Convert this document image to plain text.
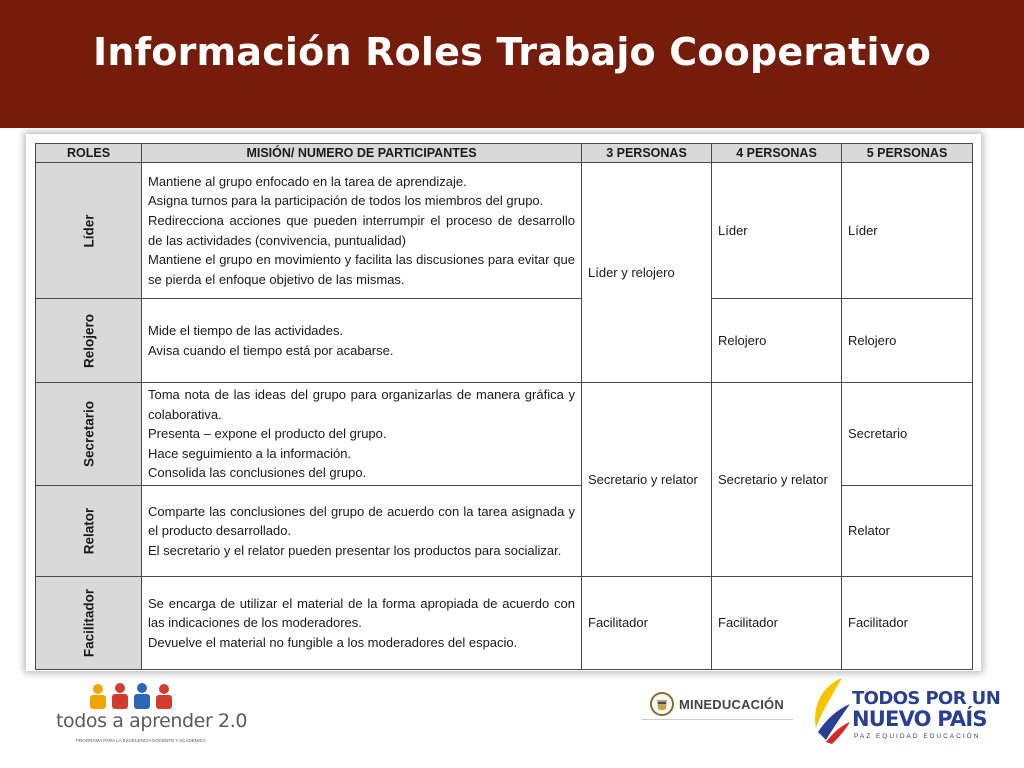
Información Roles Trabajo Cooperativo
ROLES	MISIÓN/ NUMERO DE PARTICIPANTES	3 PERSONAS	4 PERSONAS	5 PERSONAS

Líder	Mantiene al grupo enfocado en la tarea de aprendizaje.
Asigna turnos para la participación de todos los miembros del grupo.
Redirecciona acciones que pueden interrumpir el proceso de desarrollo de las actividades (convivencia, puntualidad)
Mantiene el grupo en movimiento y facilita las discusiones para evitar que se pierda el enfoque objetivo de las mismas.	Líder y relojero	Líder	Líder

Relojero	Mide el tiempo de las actividades.
Avisa cuando el tiempo está por acabarse.		Relojero	Relojero

Secretario	Toma nota de las ideas del grupo para organizarlas de manera gráfica y colaborativa.
Presenta – expone el producto del grupo.
Hace seguimiento a la información.
Consolida las conclusiones del grupo.	Secretario y relator	Secretario y relator	Secretario

Relator	Comparte las conclusiones del grupo de acuerdo con la tarea asignada y el producto desarrollado.
El secretario y el relator pueden presentar los productos para socializar.			Relator

Facilitador	Se encarga de utilizar el material de la forma apropiada de acuerdo con las indicaciones de los moderadores.
Devuelve el material no fungible a los moderadores del espacio.	Facilitador	Facilitador	Facilitador
todos a aprender 2.0
PROGRAMA PARA LA EXCELENCIA DOCENTE Y ACADÉMICA
MINEDUCACIÓN	TODOS POR UN
NUEVO PAÍS
PAZ EQUIDAD EDUCACIÓN
